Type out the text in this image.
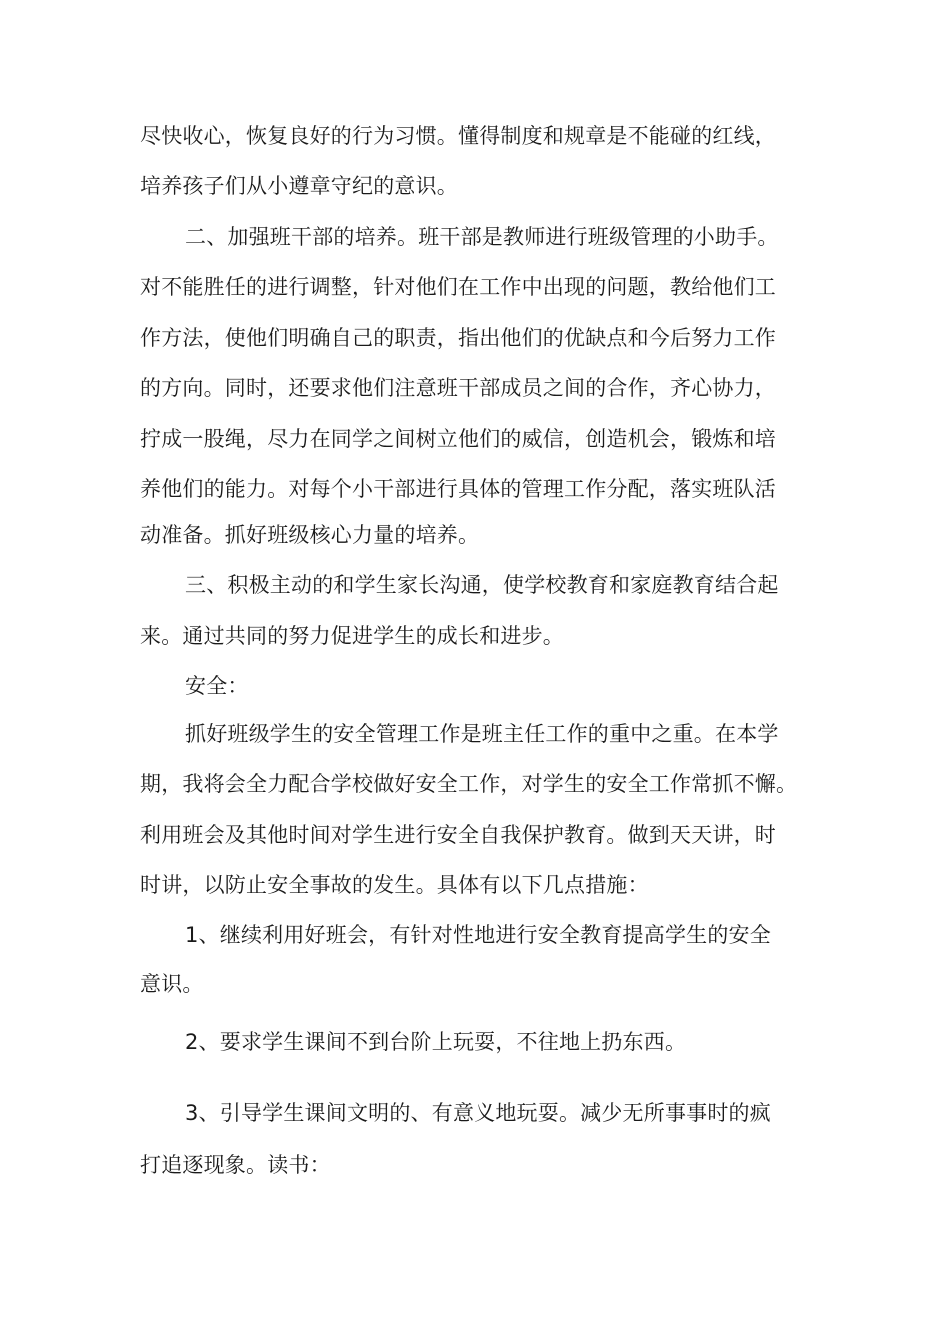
尽快收心，恢复良好的行为习惯。懂得制度和规章是不能碰的红线，
培养孩子们从小遵章守纪的意识。
二、加强班干部的培养。班干部是教师进行班级管理的小助手。
对不能胜任的进行调整，针对他们在工作中出现的问题，教给他们工
作方法，使他们明确自己的职责，指出他们的优缺点和今后努力工作
的方向。同时，还要求他们注意班干部成员之间的合作，齐心协力，
拧成一股绳，尽力在同学之间树立他们的威信，创造机会，锻炼和培
养他们的能力。对每个小干部进行具体的管理工作分配，落实班队活
动准备。抓好班级核心力量的培养。
三、积极主动的和学生家长沟通，使学校教育和家庭教育结合起
来。通过共同的努力促进学生的成长和进步。
安全：
抓好班级学生的安全管理工作是班主任工作的重中之重。在本学
期，我将会全力配合学校做好安全工作，对学生的安全工作常抓不懈。
利用班会及其他时间对学生进行安全自我保护教育。做到天天讲，时
时讲，以防止安全事故的发生。具体有以下几点措施：
1、继续利用好班会，有针对性地进行安全教育提高学生的安全
意识。
2、要求学生课间不到台阶上玩耍，不往地上扔东西。
3、引导学生课间文明的、有意义地玩耍。减少无所事事时的疯
打追逐现象。读书：
